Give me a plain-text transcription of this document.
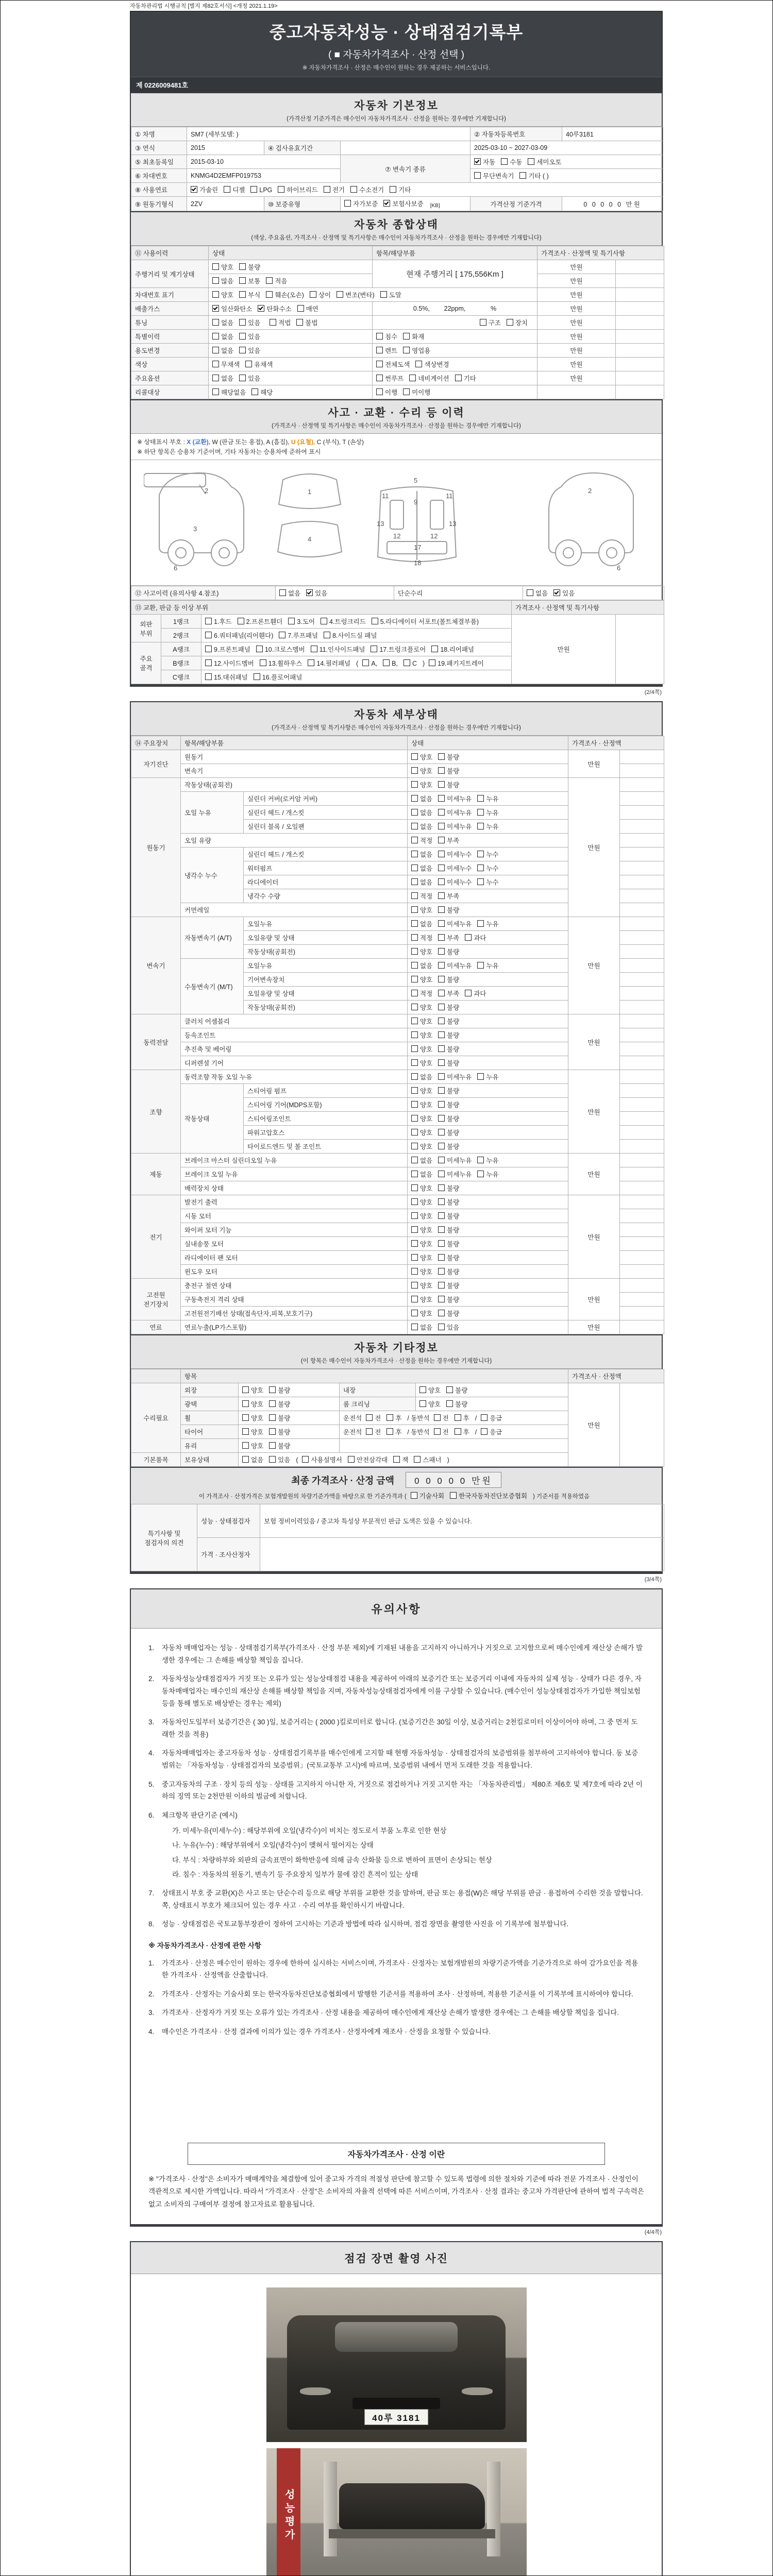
자동차관리법 시행규칙 [별지 제82호서식] <개정 2021.1.19>
중고자동차성능 · 상태점검기록부
( ■ 자동차가격조사 · 산정 선택 )
※ 자동차가격조사 · 산정은 매수인이 원하는 경우 제공하는 서비스입니다.
제 0226009481호
자동차 기본정보
(가격산정 기준가격은 매수인이 자동차가격조사 · 산정을 원하는 경우에만 기재합니다)
① 차명	SM7 (세부모델: )			② 자동차등록번호	40루3181
③ 연식	2015	④ 검사유효기간		2025-03-10 ~ 2027-03-09	
⑤ 최초등록일	2015-03-10		⑦ 변속기 종류	자동 수동 세미오토	
⑥ 차대번호	KNMG4D2EMFP019753			무단변속기 기타 ( )	
⑧ 사용연료	가솔린 디젤 LPG 하이브리드 전기 수소전기 기타				
⑨ 원동기형식	2ZV	⑩ 보증유형	자가보증 보험사보증 [KB]	가격산정 기준가격	0 0 0 0 0 만원
자동차 종합상태
(색상, 주요옵션, 가격조사 · 산정액 및 특기사항은 매수인이 자동차가격조사 · 산정을 원하는 경우에만 기재합니다)
⑪ 사용이력	상태	항목/해당부품	가격조사 · 산정액 및 특기사항	
주행거리 및 계기상태	양호 불량	현재 주행거리 [ 175,556Km ]	만원	
	많음 보통 적음		만원	
차대번호 표기	양호 부식 훼손(오손) 상이 변조(변타) 도말		만원	
배출가스	일산화탄소 탄화수소 매연	0.5%,        22ppm,              %	만원	
튜닝	없음 있음 적법 불법	구조 장치	만원	
특별이력	없음 있음	침수 화재	만원	
용도변경	없음 있음	렌트 영업용	만원	
색상	무채색 유채색	전체도색 색상변경	만원	
주요옵션	없음 있음	썬루프 네비게이션 기타	만원	
리콜대상	해당없음 해당	이행 미이행		
사고 · 교환 · 수리 등 이력
(가격조사 · 산정액 및 특기사항은 매수인이 자동차가격조사 · 산정을 원하는 경우에만 기재합니다)
※ 상태표시 부호 : X (교환), W (판금 또는 용접), A (흠집), U (요철), C (부식), T (손상)
※ 하단 항목은 승용차 기준이며, 기타 자동차는 승용차에 준하여 표시
2
3
6
1
4
5
11	11
9
13	13
12	12
17
18
2
6
⑫ 사고이력 (유의사항 4.참조)	없음 있음	단순수리	없음 있음
⑬ 교환, 판금 등 이상 부위			가격조사 · 산정액 및 특기사항	
외판 부위	1랭크	1.후드 2.프론트휀더 3.도어 4.트렁크리드 5.라디에이터 서포트(볼트체결부품)	만원	
	2랭크	6.쿼터패널(리어휀다) 7.루프패널 8.사이드실 패널		
주요 골격	A랭크	9.프론트패널 10.크로스멤버 11.인사이드패널 17.트렁크플로어 18.리어패널		
	B랭크	12.사이드멤버 13.휠하우스 14.필러패널 ( A, B, C ) 19.패키지트레이		
	C랭크	15.대쉬패널 16.플로어패널		
(2/4쪽)
자동차 세부상태
(가격조사 · 산정액 및 특기사항은 매수인이 자동차가격조사 · 산정을 원하는 경우에만 기재합니다)
⑭ 주요장치	항목/해당부품		상태	가격조사 · 산정액	
자기진단	원동기		양호 불량	만원	
	변속기		양호 불량		
원동기	작동상태(공회전)		양호 불량	만원	
	오일 누유	실린더 커버(로커암 커버)	없음 미세누유 누유		
		실린더 헤드 / 개스킷	없음 미세누유 누유		
		실린더 블록 / 오일팬	없음 미세누유 누유		
	오일 유량		적정 부족		
	냉각수 누수	실린더 헤드 / 개스킷	없음 미세누수 누수		
		워터펌프	없음 미세누수 누수		
		라디에이터	없음 미세누수 누수		
		냉각수 수량	적정 부족		
	커먼레일		양호 불량		
변속기	자동변속기 (A/T)	오일누유	없음 미세누유 누유	만원	
		오일유량 및 상태	적정 부족 과다		
		작동상태(공회전)	양호 불량		
	수동변속기 (M/T)	오일누유	없음 미세누유 누유		
		기어변속장치	양호 불량		
		오일유량 및 상태	적정 부족 과다		
		작동상태(공회전)	양호 불량		
동력전달	클러치 어셈블리		양호 불량	만원	
	등속조인트		양호 불량		
	추진축 및 베어링		양호 불량		
	디퍼렌셜 기어		양호 불량		
조향	동력조향 작동 오일 누유		없음 미세누유 누유	만원	
	작동상태	스티어링 펌프	양호 불량		
		스티어링 기어(MDPS포함)	양호 불량		
		스티어링조인트	양호 불량		
		파워고압호스	양호 불량		
		타이로드엔드 및 볼 조인트	양호 불량		
제동	브레이크 마스터 실린더오일 누유		없음 미세누유 누유	만원	
	브레이크 오일 누유		없음 미세누유 누유		
	배력장치 상태		양호 불량		
전기	발전기 출력		양호 불량	만원	
	시동 모터		양호 불량		
	와이퍼 모터 기능		양호 불량		
	실내송풍 모터		양호 불량		
	라디에이터 팬 모터		양호 불량		
	윈도우 모터		양호 불량		
고전원 전기장치	충전구 절연 상태		양호 불량	만원	
	구동축전지 격리 상태		양호 불량		
	고전원전기배선 상태(접속단자,피복,보호기구)		양호 불량		
연료	연료누출(LP가스포함)		없음 있음	만원	
자동차 기타정보
(이 항목은 매수인이 자동차가격조사 · 산정을 원하는 경우에만 기재합니다)
	항목				가격조사 · 산정액	
수리필요	외장	양호 불량	내장	양호 불량	만원	
	광택	양호 불량	룸 크리닝	양호 불량		
	휠	양호 불량	운전석 전 후 / 동반석 전 후 / 응급			
	타이어	양호 불량	운전석 전 후 / 동반석 전 후 / 응급			
	유리	양호 불량				
기본품목	보유상태	없음 있음 ( 사용설명서 안전삼각대 잭 스패너 )				
최종 가격조사 · 산정 금액 0 0 0 0 0 만원
이 가격조사 · 산정가격은 보험개발원의 차량기준가액을 바탕으로 한 기준가격과 ( 기술사회 한국자동차진단보증협회 ) 기준서를 적용하였음
특기사항 및 점검자의 의견	성능 · 상태점검자	보험 정비이력있음 / 중고차 특성상 부분적인 판금 도색은 있을 수 있습니다.
	가격 · 조사산정자	
(3/4쪽)
유의사항
1.	자동차 매매업자는 성능 · 상태점검기록부(가격조사 · 산정 부분 제외)에 기재된 내용을 고지하지 아니하거나 거짓으로 고지함으로써 매수인에게 재산상 손해가 발생한 경우에는 그 손해를 배상할 책임을 집니다.
2.	자동차성능상태점검자가 거짓 또는 오류가 있는 성능상태점검 내용을 제공하여 아래의 보증기간 또는 보증거리 이내에 자동차의 실제 성능 · 상태가 다른 경우, 자동차매매업자는 매수인의 재산상 손해를 배상할 책임을 지며, 자동차성능상태점검자에게 이를 구상할 수 있습니다. (매수인이 성능상태점검자가 가입한 책임보험 등을 통해 별도로 배상받는 경우는 제외)
3.	자동차인도일부터 보증기간은 ( 30 )일, 보증거리는 ( 2000 )킬로미터로 합니다. (보증기간은 30일 이상, 보증거리는 2천킬로미터 이상이어야 하며, 그 중 먼저 도래한 것을 적용)
4.	자동차매매업자는 중고자동차 성능 · 상태점검기록부를 매수인에게 고지할 때 현행 자동차성능 · 상태점검자의 보증범위를 첨부하여 고지하여야 합니다. 동 보증범위는 「자동차성능 · 상태점검자의 보증범위」(국토교통부 고시)에 따르며, 보증범위 내에서 먼저 도래한 것을 적용합니다.
5.	중고자동차의 구조 · 장치 등의 성능 · 상태를 고지하지 아니한 자, 거짓으로 점검하거나 거짓 고지한 자는 「자동차관리법」 제80조 제6호 및 제7호에 따라 2년 이하의 징역 또는 2천만원 이하의 벌금에 처합니다.
6.	체크항목 판단기준 (예시)
가. 미세누유(미세누수) : 해당부위에 오일(냉각수)이 비치는 정도로서 부품 노후로 인한 현상
나. 누유(누수) : 해당부위에서 오일(냉각수)이 맺혀서 떨어지는 상태
다. 부식 : 차량하부와 외판의 금속표면이 화학반응에 의해 금속 산화물 등으로 변하여 표면이 손상되는 현상
라. 침수 : 자동차의 원동기, 변속기 등 주요장치 일부가 물에 잠긴 흔적이 있는 상태
7.	상태표시 부호 중 교환(X)은 사고 또는 단순수리 등으로 해당 부위를 교환한 것을 말하며, 판금 또는 용접(W)은 해당 부위를 판금 · 용접하여 수리한 것을 말합니다. 쪽, 상태표시 부호가 체크되어 있는 경우 사고 · 수리 여부를 확인하시기 바랍니다.
8.	성능 · 상태점검은 국토교통부장관이 정하여 고시하는 기준과 방법에 따라 실시하며, 점검 장면을 촬영한 사진을 이 기록부에 첨부합니다.
※ 자동차가격조사 · 산정에 관한 사항
1.	가격조사 · 산정은 매수인이 원하는 경우에 한하여 실시하는 서비스이며, 가격조사 · 산정자는 보험개발원의 차량기준가액을 기준가격으로 하여 감가요인을 적용한 가격조사 · 산정액을 산출합니다.
2.	가격조사 · 산정자는 기술사회 또는 한국자동차진단보증협회에서 발행한 기준서를 적용하여 조사 · 산정하며, 적용한 기준서를 이 기록부에 표시하여야 합니다.
3.	가격조사 · 산정자가 거짓 또는 오류가 있는 가격조사 · 산정 내용을 제공하여 매수인에게 재산상 손해가 발생한 경우에는 그 손해를 배상할 책임을 집니다.
4.	매수인은 가격조사 · 산정 결과에 이의가 있는 경우 가격조사 · 산정자에게 재조사 · 산정을 요청할 수 있습니다.
자동차가격조사 · 산정 이란
※ "가격조사 · 산정"은 소비자가 매매계약을 체결함에 있어 중고차 가격의 적절성 판단에 참고할 수 있도록 법령에 의한 절차와 기준에 따라 전문 가격조사 · 산정인이 객관적으로 제시한 가액입니다. 따라서 "가격조사 · 산정"은 소비자의 자율적 선택에 따른 서비스이며, 가격조사 · 산정 결과는 중고차 가격판단에 관하여 법적 구속력은 없고 소비자의 구매여부 결정에 참고자료로 활용됩니다.
(4/4쪽)
점검 장면 촬영 사진
40루 3181
성능평가
